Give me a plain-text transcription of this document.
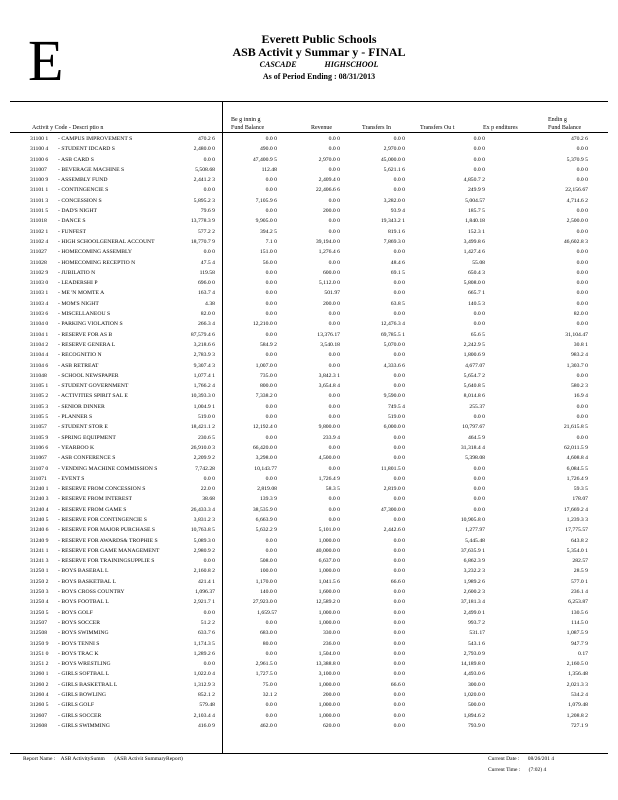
E	Everett Public Schools
ASB Activit y Summar y - FINAL
CASCADE	HIGHSCHOOL
As of Period Ending : 08/31/2013
Activit y Code - Descri ptio n
Be g innin g
Fund Balance	Revenue	Transfers In	Transfers Ou t	Ex p enditures
Endin g
Fund Balance
31100 1 - CAMPUS IMPROVEMENT S	470.2 6	0.0 0	0.0 0	0.0 0	0.0 0	470.2 6
31100 4 - STUDENT IDCARD S	2,480.0 0	490.0 0	0.0 0	2,970.0 0	0.0 0	0.0 0
31100 6 - ASB CARD S	0.0 0	47,400.9 5	2,970.0 0	45,000.0 0	0.0 0	5,370.9 5
311007 - BEVERAGE MACHINE S	5,508.68	112.48	0.0 0	5,621.1 6	0.0 0	0.0 0
31100 9 - ASSEMBLY FUND	2,441.2 3	0.0 0	2,409.4 0	0.0 0	4,850.7 2	0.0 0
31101 1 - CONTINGENCIE S	0.0 0	0.0 0	22,406.6 6	0.0 0	249.9 9	22,156.67
31101 3 - CONCESSION S	5,895.2 3	7,105.9 6	0.0 0	3,282.0 0	5,004.57	4,714.6 2
31101 5 - DAD'S NIGHT	79.6 9	0.0 0	200.0 0	93.9 4	185.7 5	0.0 0
311018 - DANCE S	13,778.3 9	9,905.0 0	0.0 0	19,343.2 1	1,840.18	2,500.0 0
31102 1 - FUNFEST	577.2 2	394.2 5	0.0 0	819.1 6	152.3 1	0.0 0
31102 4 - HIGH SCHOOLGENERAL ACCOUNT	18,770.7 9	7.1 0	39,194.0 0	7,869.3 0	3,499.8 6	46,602.8 3
311027 - HOMECOMING ASSEMBLY	0.0 0	151.0 0	1,276.4 6	0.0 0	1,427.4 6	0.0 0
311028 - HOMECOMING RECEPTIO N	47.5 4	56.0 0	0.0 0	48.4 6	55.08	0.0 0
31102 9 - JUBILATIO N	119.58	0.0 0	600.0 0	69.1 5	650.4 3	0.0 0
31103 0 - LEADERSHI P	696.0 0	0.0 0	5,112.0 0	0.0 0	5,808.0 0	0.0 0
31103 1 - ME 'N MOMTE A	163.7 4	0.0 0	501.97	0.0 0	665.7 1	0.0 0
31103 4 - MOM'S NIGHT	4.38	0.0 0	200.0 0	63.8 5	140.5 3	0.0 0
31103 6 - MISCELLANEOU S	82.0 0	0.0 0	0.0 0	0.0 0	0.0 0	82.0 0
31104 0 - PARKING VIOLATION S	266.3 4	12,210.0 0	0.0 0	12,476.3 4	0.0 0	0.0 0
31104 1 - RESERVE FOR AS B	87,579.4 6	0.0 0	13,376.17	69,785.5 1	65.6 5	31,104.47
31104 2 - RESERVE GENERA L	3,218.6 6	584.9 2	3,540.18	5,070.0 0	2,242.9 5	30.8 1
31104 4 - RECOGNITIO N	2,783.9 3	0.0 0	0.0 0	0.0 0	1,800.6 9	983.2 4
31104 6 - ASB RETREAT	9,307.4 3	1,007.0 0	0.0 0	4,333.6 6	4,677.07	1,303.7 0
311048 - SCHOOL NEWSPAPER	1,077.4 1	735.0 0	3,842.3 1	0.0 0	5,654.7 2	0.0 0
31105 1 - STUDENT GOVERNMENT	1,766.2 4	800.0 0	3,654.8 4	0.0 0	5,640.8 5	580.2 3
31105 2 - ACTIVITIES SPIRIT SAL E	10,393.3 0	7,338.2 0	0.0 0	9,590.0 0	8,014.8 6	16.9 4
31105 3 - SENIOR DINNER	1,004.9 1	0.0 0	0.0 0	749.5 4	255.37	0.0 0
31105 5 - PLANNER S	519.0 0	0.0 0	0.0 0	519.0 0	0.0 0	0.0 0
311057 - STUDENT STOR E	18,421.1 2	12,192.4 0	9,800.0 0	6,000.0 0	10,797.67	21,615.8 5
31105 9 - SPRING EQUIPMENT	230.6 5	0.0 0	233.9 4	0.0 0	464.5 9	0.0 0
31106 6 - YEARBOO K	26,910.0 3	66,420.0 0	0.0 0	0.0 0	31,318.4 4	62,011.5 9
311067 - ASB CONFERENCE S	2,209.9 2	3,298.0 0	4,500.0 0	0.0 0	5,398.08	4,608.8 4
31107 0 - VENDING MACHINE COMMISSION S	7,742.28	10,143.77	0.0 0	11,801.5 0	0.0 0	6,084.5 5
311071 - EVENT S	0.0 0	0.0 0	1,726.4 9	0.0 0	0.0 0	1,726.4 9
31240 1 - RESERVE FROM CONCESSION S	22.0 0	2,819.08	58.3 5	2,819.0 0	0.0 0	59.3 5
31240 3 - RESERVE FROM INTEREST	38.68	139.3 9	0.0 0	0.0 0	0.0 0	178.07
31240 4 - RESERVE FROM GAME S	26,433.3 4	38,535.9 0	0.0 0	47,300.0 0	0.0 0	17,669.2 4
31240 5 - RESERVE FOR CONTINGENCIE S	3,831.2 3	6,663.9 0	0.0 0	0.0 0	10,905.8 0	1,239.3 3
31240 6 - RESERVE FOR MAJOR PURCHASE S	10,763.8 5	5,632.2 9	5,101.0 0	2,442.6 0	1,277.97	17,775.57
31240 9 - RESERVE FOR AWARDS& TROPHIE S	5,089.3 0	0.0 0	1,000.0 0	0.0 0	5,445.48	643.8 2
31241 1 - RESERVE FOR GAME MANAGEMENT	2,980.9 2	0.0 0	40,000.0 0	0.0 0	37,635.9 1	5,354.0 1
31241 3 - RESERVE FOR TRAININGSUPPLIE S	0.0 0	508.0 0	6,637.0 0	0.0 0	6,862.3 9	282.57
31250 1 - BOYS BASEBAL L	2,160.8 2	100.0 0	1,000.0 0	0.0 0	3,232.2 3	28.5 9
31250 2 - BOYS BASKETBAL L	421.4 1	1,170.0 0	1,041.5 6	66.6 0	1,989.2 6	577.0 1
31250 3 - BOYS CROSS COUNTRY	1,096.37	140.0 0	1,600.0 0	0.0 0	2,600.2 3	236.1 4
31250 4 - BOYS FOOTBAL L	2,921.7 1	27,923.0 0	12,589.2 0	0.0 0	37,181.3 4	6,253.87
31250 5 - BOYS GOLF	0.0 0	1,659.57	1,000.0 0	0.0 0	2,499.0 1	130.5 6
312507 - BOYS SOCCER	51.2 2	0.0 0	1,000.0 0	0.0 0	993.7 2	114.5 0
312508 - BOYS SWIMMING	633.7 6	683.0 0	330.0 0	0.0 0	531.17	1,087.5 9
31250 9 - BOYS TENNI S	1,174.3 5	80.0 0	236.0 0	0.0 0	543.1 6	947.7 9
31251 0 - BOYS TRAC K	1,289.2 6	0.0 0	1,504.0 0	0.0 0	2,793.0 9	0.17
31251 2 - BOYS WRESTLING	0.0 0	2,961.5 0	13,388.8 0	0.0 0	14,189.8 0	2,160.5 0
31260 1 - GIRLS SOFTBAL L	1,022.0 4	1,727.5 0	3,100.0 0	0.0 0	4,493.0 6	1,356.48
31260 2 - GIRLS BASKETBAL L	1,312.9 3	75.0 0	1,000.0 0	66.6 0	300.0 0	2,021.3 3
31260 4 - GIRLS BOWLING	852.1 2	32.1 2	200.0 0	0.0 0	1,020.0 0	534.2 4
31260 5 - GIRLS GOLF	579.48	0.0 0	1,000.0 0	0.0 0	500.0 0	1,079.48
312607 - GIRLS SOCCER	2,103.4 4	0.0 0	1,000.0 0	0.0 0	1,894.6 2	1,208.8 2
312608 - GIRLS SWIMMING	416.0 9	462.0 0	620.0 0	0.0 0	793.9 0	727.1 9
Report Name : ASB ActivitySumm (ASB Activit SummaryReport)	Current Date : 08/26/201 4
Current Time : (7:02) 4
